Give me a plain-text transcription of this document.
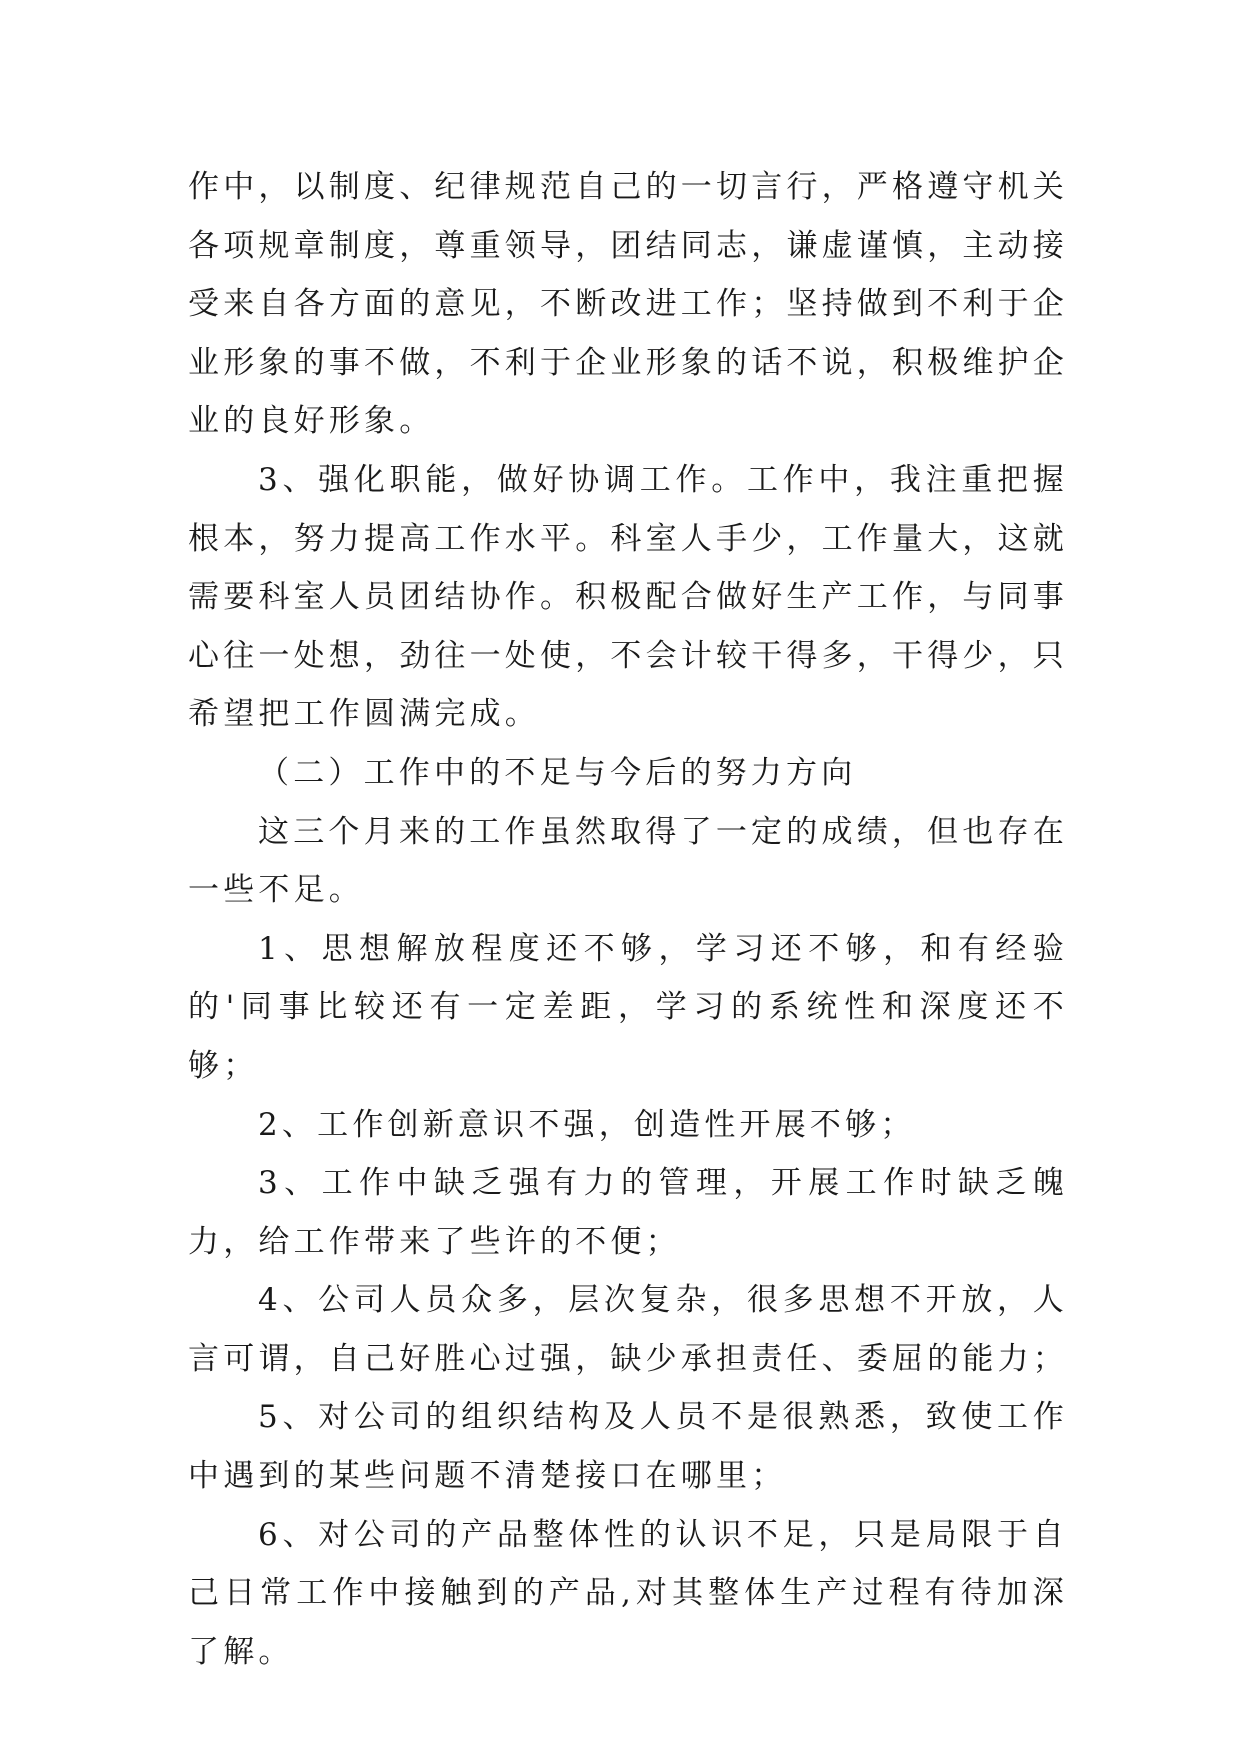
作中，以制度、纪律规范自己的一切言行，严格遵守机关各项规章制度，尊重领导，团结同志，谦虚谨慎，主动接受来自各方面的意见，不断改进工作；坚持做到不利于企业形象的事不做，不利于企业形象的话不说，积极维护企业的良好形象。

3、强化职能，做好协调工作。工作中，我注重把握根本，努力提高工作水平。科室人手少，工作量大，这就需要科室人员团结协作。积极配合做好生产工作，与同事心往一处想，劲往一处使，不会计较干得多，干得少，只希望把工作圆满完成。

（二）工作中的不足与今后的努力方向

这三个月来的工作虽然取得了一定的成绩，但也存在一些不足。

1、思想解放程度还不够，学习还不够，和有经验的'同事比较还有一定差距，学习的系统性和深度还不够；

2、工作创新意识不强，创造性开展不够；

3、工作中缺乏强有力的管理，开展工作时缺乏魄力，给工作带来了些许的不便；

4、公司人员众多，层次复杂，很多思想不开放，人言可谓，自己好胜心过强，缺少承担责任、委屈的能力；

5、对公司的组织结构及人员不是很熟悉，致使工作中遇到的某些问题不清楚接口在哪里；

6、对公司的产品整体性的认识不足，只是局限于自己日常工作中接触到的产品,对其整体生产过程有待加深了解。
